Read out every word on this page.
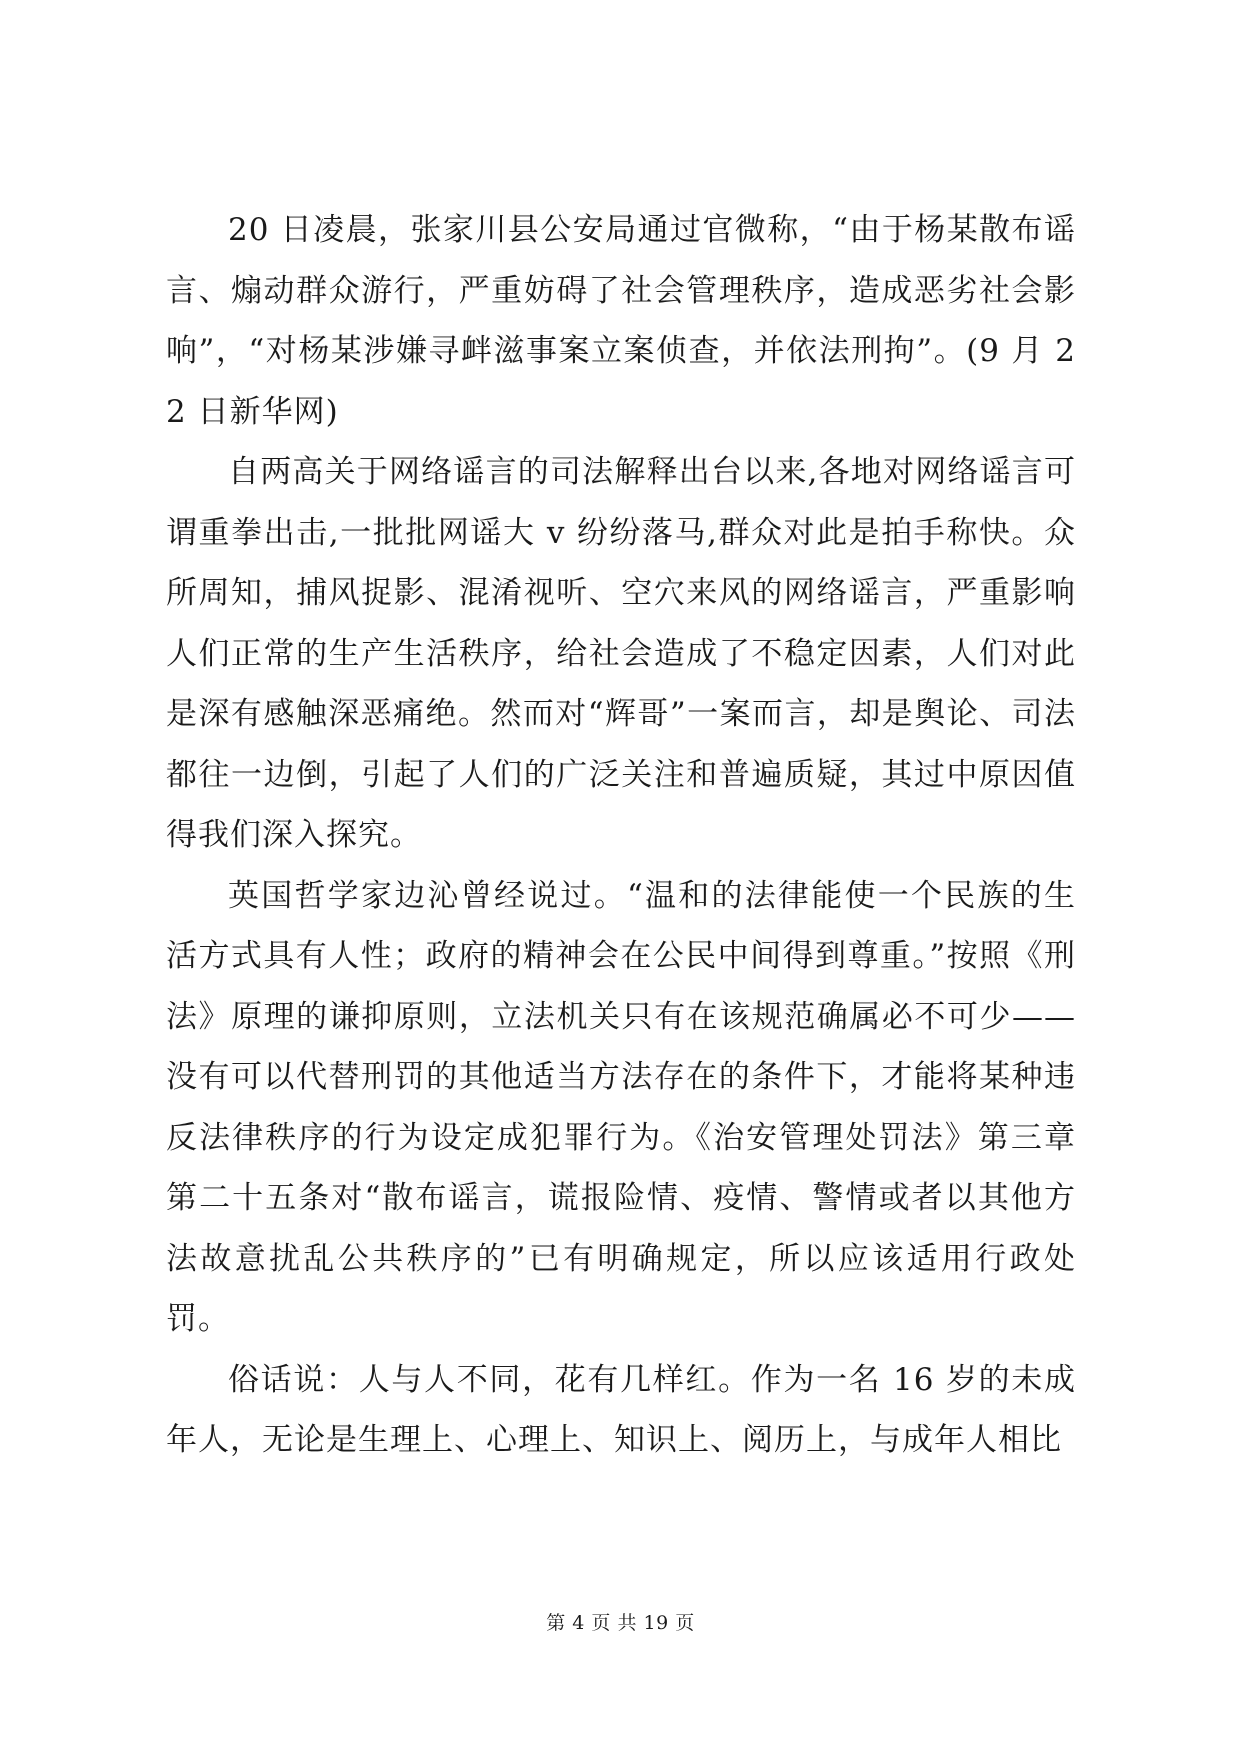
20 日凌晨，张家川县公安局通过官微称，“由于杨某散布谣言、煽动群众游行，严重妨碍了社会管理秩序，造成恶劣社会影响”，“对杨某涉嫌寻衅滋事案立案侦查，并依法刑拘”。(9 月 22 日新华网)

自两高关于网络谣言的司法解释出台以来,各地对网络谣言可谓重拳出击,一批批网谣大 v 纷纷落马,群众对此是拍手称快。众所周知，捕风捉影、混淆视听、空穴来风的网络谣言，严重影响人们正常的生产生活秩序，给社会造成了不稳定因素，人们对此是深有感触深恶痛绝。然而对“辉哥”一案而言，却是舆论、司法都往一边倒，引起了人们的广泛关注和普遍质疑，其过中原因值得我们深入探究。

英国哲学家边沁曾经说过。“温和的法律能使一个民族的生活方式具有人性；政府的精神会在公民中间得到尊重。”按照《刑法》原理的谦抑原则，立法机关只有在该规范确属必不可少——没有可以代替刑罚的其他适当方法存在的条件下，才能将某种违反法律秩序的行为设定成犯罪行为。《治安管理处罚法》第三章第二十五条对“散布谣言，谎报险情、疫情、警情或者以其他方法故意扰乱公共秩序的”已有明确规定，所以应该适用行政处罚。

俗话说：人与人不同，花有几样红。作为一名 16 岁的未成年人，无论是生理上、心理上、知识上、阅历上，与成年人相比

第 4 页 共 19 页
